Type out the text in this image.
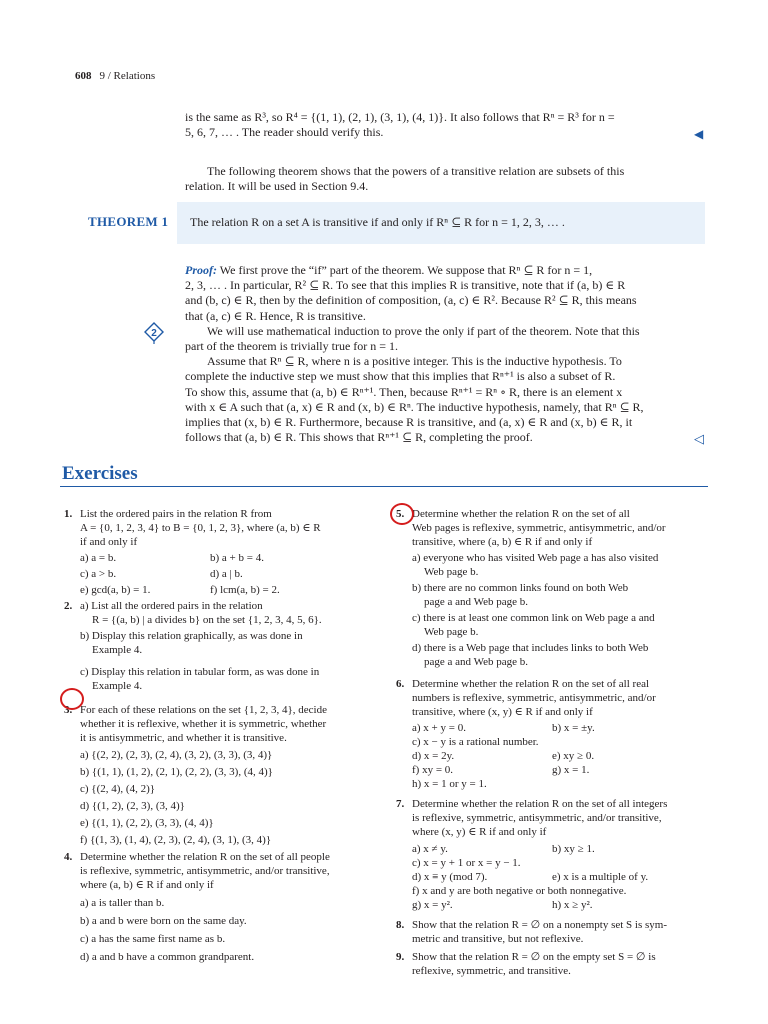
608 9 / Relations
is the same as R³, so R⁴ = {(1, 1), (2, 1), (3, 1), (4, 1)}. It also follows that Rⁿ = R³ for n =
5, 6, 7, … . The reader should verify this.	◀
The following theorem shows that the powers of a transitive relation are subsets of this
relation. It will be used in Section 9.4.
THEOREM 1 The relation R on a set A is transitive if and only if Rⁿ ⊆ R for n = 1, 2, 3, … .
Proof: We first prove the “if” part of the theorem. We suppose that Rⁿ ⊆ R for n = 1,
2, 3, … . In particular, R² ⊆ R. To see that this implies R is transitive, note that if (a, b) ∈ R
and (b, c) ∈ R, then by the definition of composition, (a, c) ∈ R². Because R² ⊆ R, this means
that (a, c) ∈ R. Hence, R is transitive.
We will use mathematical induction to prove the only if part of the theorem. Note that this
part of the theorem is trivially true for n = 1.
Assume that Rⁿ ⊆ R, where n is a positive integer. This is the inductive hypothesis. To
complete the inductive step we must show that this implies that Rⁿ⁺¹ is also a subset of R.
To show this, assume that (a, b) ∈ Rⁿ⁺¹. Then, because Rⁿ⁺¹ = Rⁿ ∘ R, there is an element x
with x ∈ A such that (a, x) ∈ R and (x, b) ∈ Rⁿ. The inductive hypothesis, namely, that Rⁿ ⊆ R,
implies that (x, b) ∈ R. Furthermore, because R is transitive, and (a, x) ∈ R and (x, b) ∈ R, it
follows that (a, b) ∈ R. This shows that Rⁿ⁺¹ ⊆ R, completing the proof.	◁
2
Exercises
1. List the ordered pairs in the relation R from
A = {0, 1, 2, 3, 4} to B = {0, 1, 2, 3}, where (a, b) ∈ R
if and only if
a) a = b.	b) a + b = 4.
c) a > b.	d) a | b.
e) gcd(a, b) = 1.	f) lcm(a, b) = 2.
2. a) List all the ordered pairs in the relation
R = {(a, b) | a divides b} on the set {1, 2, 3, 4, 5, 6}.
b) Display this relation graphically, as was done in
Example 4.
c) Display this relation in tabular form, as was done in
Example 4.
3. For each of these relations on the set {1, 2, 3, 4}, decide
whether it is reflexive, whether it is symmetric, whether
it is antisymmetric, and whether it is transitive.
a) {(2, 2), (2, 3), (2, 4), (3, 2), (3, 3), (3, 4)}
b) {(1, 1), (1, 2), (2, 1), (2, 2), (3, 3), (4, 4)}
c) {(2, 4), (4, 2)}
d) {(1, 2), (2, 3), (3, 4)}
e) {(1, 1), (2, 2), (3, 3), (4, 4)}
f) {(1, 3), (1, 4), (2, 3), (2, 4), (3, 1), (3, 4)}
4. Determine whether the relation R on the set of all people
is reflexive, symmetric, antisymmetric, and/or transitive,
where (a, b) ∈ R if and only if
a) a is taller than b.
b) a and b were born on the same day.
c) a has the same first name as b.
d) a and b have a common grandparent.
5. Determine whether the relation R on the set of all
Web pages is reflexive, symmetric, antisymmetric, and/or
transitive, where (a, b) ∈ R if and only if
a) everyone who has visited Web page a has also visited
Web page b.
b) there are no common links found on both Web
page a and Web page b.
c) there is at least one common link on Web page a and
Web page b.
d) there is a Web page that includes links to both Web
page a and Web page b.
6. Determine whether the relation R on the set of all real
numbers is reflexive, symmetric, antisymmetric, and/or
transitive, where (x, y) ∈ R if and only if
a) x + y = 0.	b) x = ±y.
c) x − y is a rational number.
d) x = 2y.	e) xy ≥ 0.
f) xy = 0.	g) x = 1.
h) x = 1 or y = 1.
7. Determine whether the relation R on the set of all integers
is reflexive, symmetric, antisymmetric, and/or transitive,
where (x, y) ∈ R if and only if
a) x ≠ y.	b) xy ≥ 1.
c) x = y + 1 or x = y − 1.
d) x ≡ y (mod 7).	e) x is a multiple of y.
f) x and y are both negative or both nonnegative.
g) x = y².	h) x ≥ y².
8. Show that the relation R = ∅ on a nonempty set S is sym-
metric and transitive, but not reflexive.
9. Show that the relation R = ∅ on the empty set S = ∅ is
reflexive, symmetric, and transitive.
